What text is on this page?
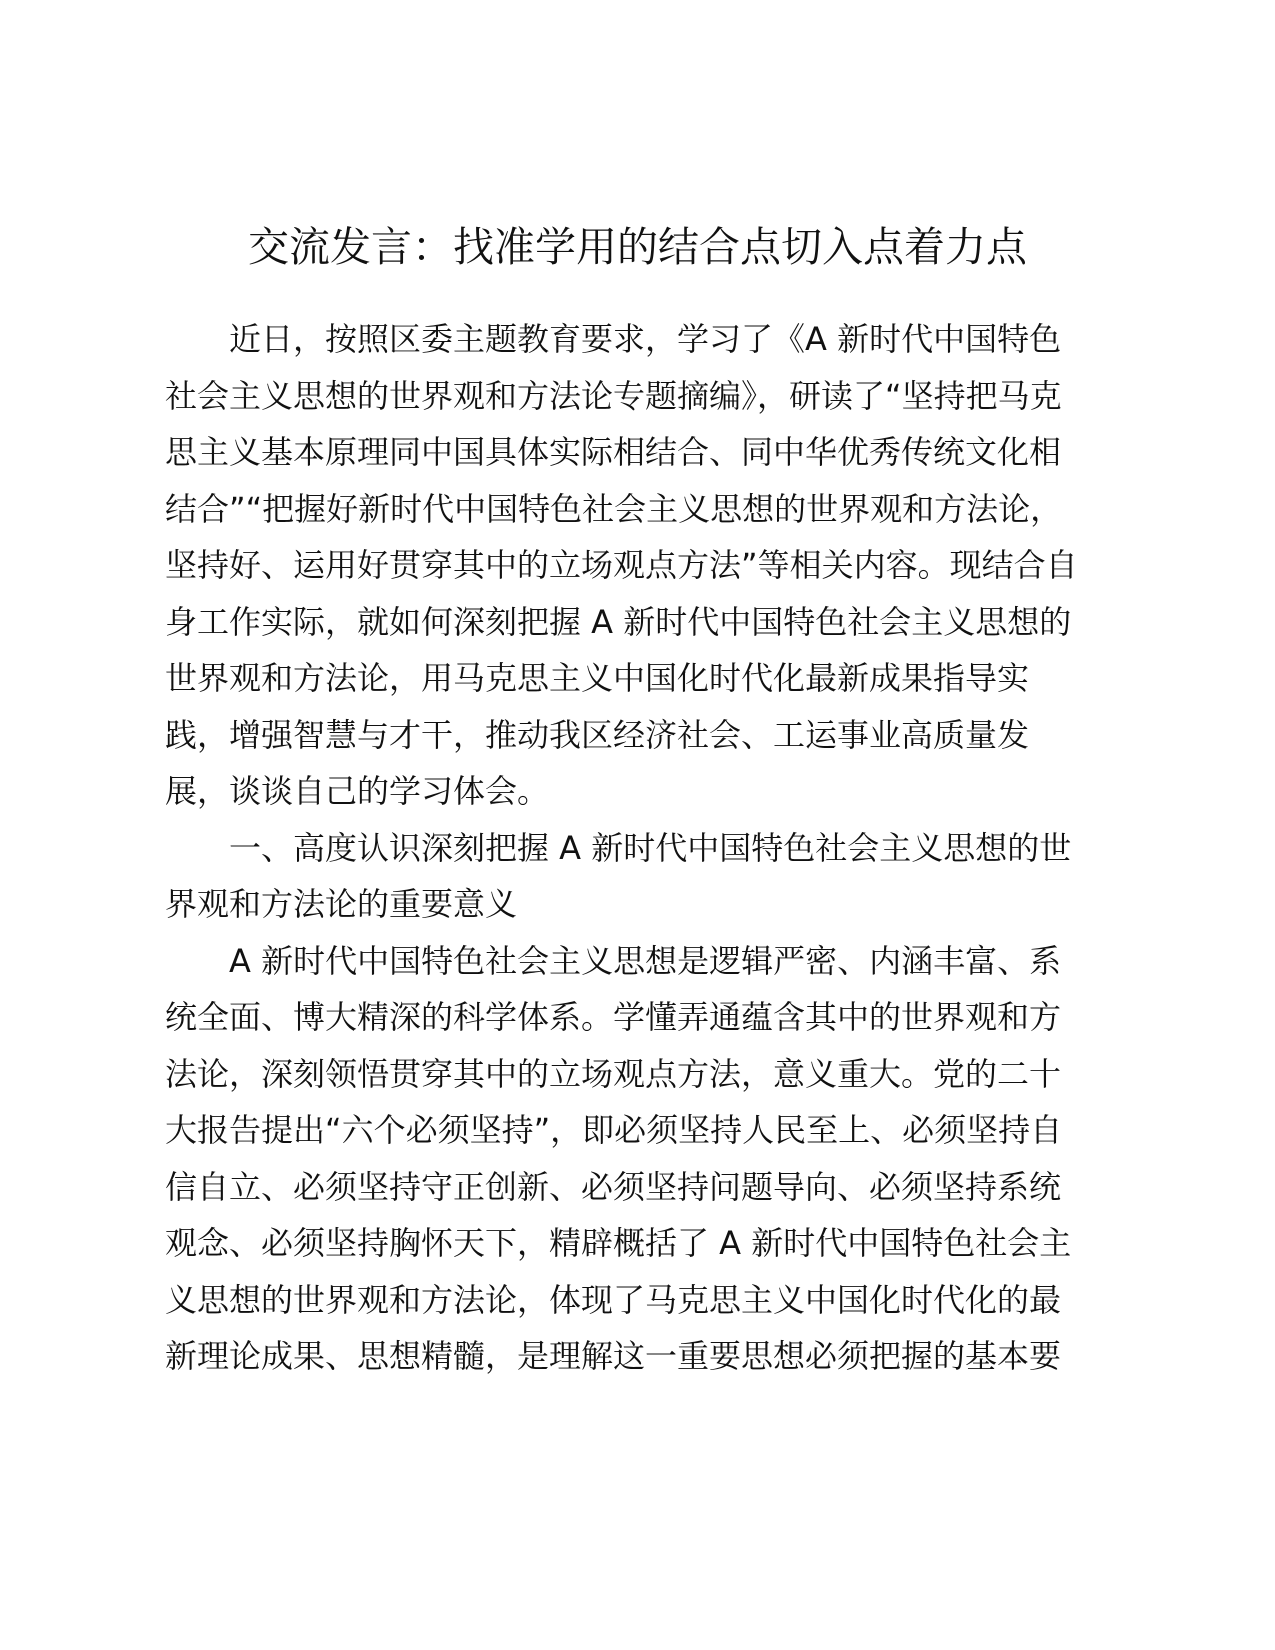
交流发言：找准学用的结合点切入点着力点
近日，按照区委主题教育要求，学习了《A 新时代中国特色
社会主义思想的世界观和方法论专题摘编》，研读了“坚持把马克
思主义基本原理同中国具体实际相结合、同中华优秀传统文化相
结合”“把握好新时代中国特色社会主义思想的世界观和方法论，
坚持好、运用好贯穿其中的立场观点方法”等相关内容。现结合自
身工作实际，就如何深刻把握 A 新时代中国特色社会主义思想的
世界观和方法论，用马克思主义中国化时代化最新成果指导实
践，增强智慧与才干，推动我区经济社会、工运事业高质量发
展，谈谈自己的学习体会。
一、高度认识深刻把握 A 新时代中国特色社会主义思想的世
界观和方法论的重要意义
A 新时代中国特色社会主义思想是逻辑严密、内涵丰富、系
统全面、博大精深的科学体系。学懂弄通蕴含其中的世界观和方
法论，深刻领悟贯穿其中的立场观点方法，意义重大。党的二十
大报告提出“六个必须坚持”，即必须坚持人民至上、必须坚持自
信自立、必须坚持守正创新、必须坚持问题导向、必须坚持系统
观念、必须坚持胸怀天下，精辟概括了 A 新时代中国特色社会主
义思想的世界观和方法论，体现了马克思主义中国化时代化的最
新理论成果、思想精髓，是理解这一重要思想必须把握的基本要
